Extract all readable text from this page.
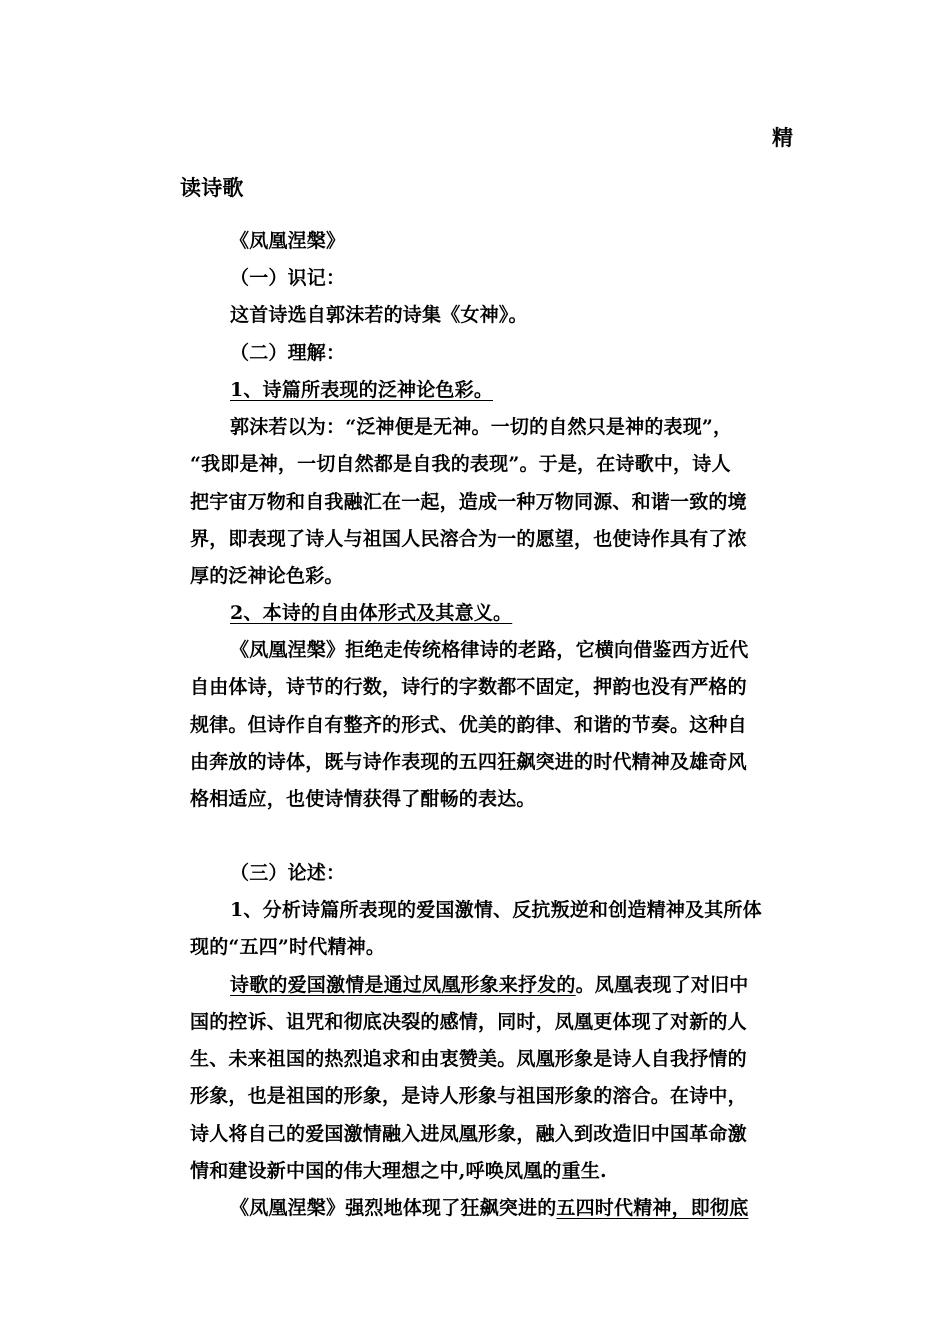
精
读诗歌
《凤凰涅槃》
（一）识记：
这首诗选自郭沫若的诗集《女神》。
（二）理解：
1、诗篇所表现的泛神论色彩。
郭沫若以为：“泛神便是无神。一切的自然只是神的表现”，
“我即是神，一切自然都是自我的表现”。于是，在诗歌中，诗人
把宇宙万物和自我融汇在一起，造成一种万物同源、和谐一致的境
界，即表现了诗人与祖国人民溶合为一的愿望，也使诗作具有了浓
厚的泛神论色彩。
2、本诗的自由体形式及其意义。
《凤凰涅槃》拒绝走传统格律诗的老路，它横向借鉴西方近代
自由体诗，诗节的行数，诗行的字数都不固定，押韵也没有严格的
规律。但诗作自有整齐的形式、优美的韵律、和谐的节奏。这种自
由奔放的诗体，既与诗作表现的五四狂飙突进的时代精神及雄奇风
格相适应，也使诗情获得了酣畅的表达。
（三）论述：
1、分析诗篇所表现的爱国激情、反抗叛逆和创造精神及其所体
现的“五四”时代精神。
诗歌的爱国激情是通过凤凰形象来抒发的。凤凰表现了对旧中
国的控诉、诅咒和彻底决裂的感情，同时，凤凰更体现了对新的人
生、未来祖国的热烈追求和由衷赞美。凤凰形象是诗人自我抒情的
形象，也是祖国的形象，是诗人形象与祖国形象的溶合。在诗中，
诗人将自己的爱国激情融入进凤凰形象，融入到改造旧中国革命激
情和建设新中国的伟大理想之中,呼唤凤凰的重生.
《凤凰涅槃》强烈地体现了狂飙突进的五四时代精神，即彻底
